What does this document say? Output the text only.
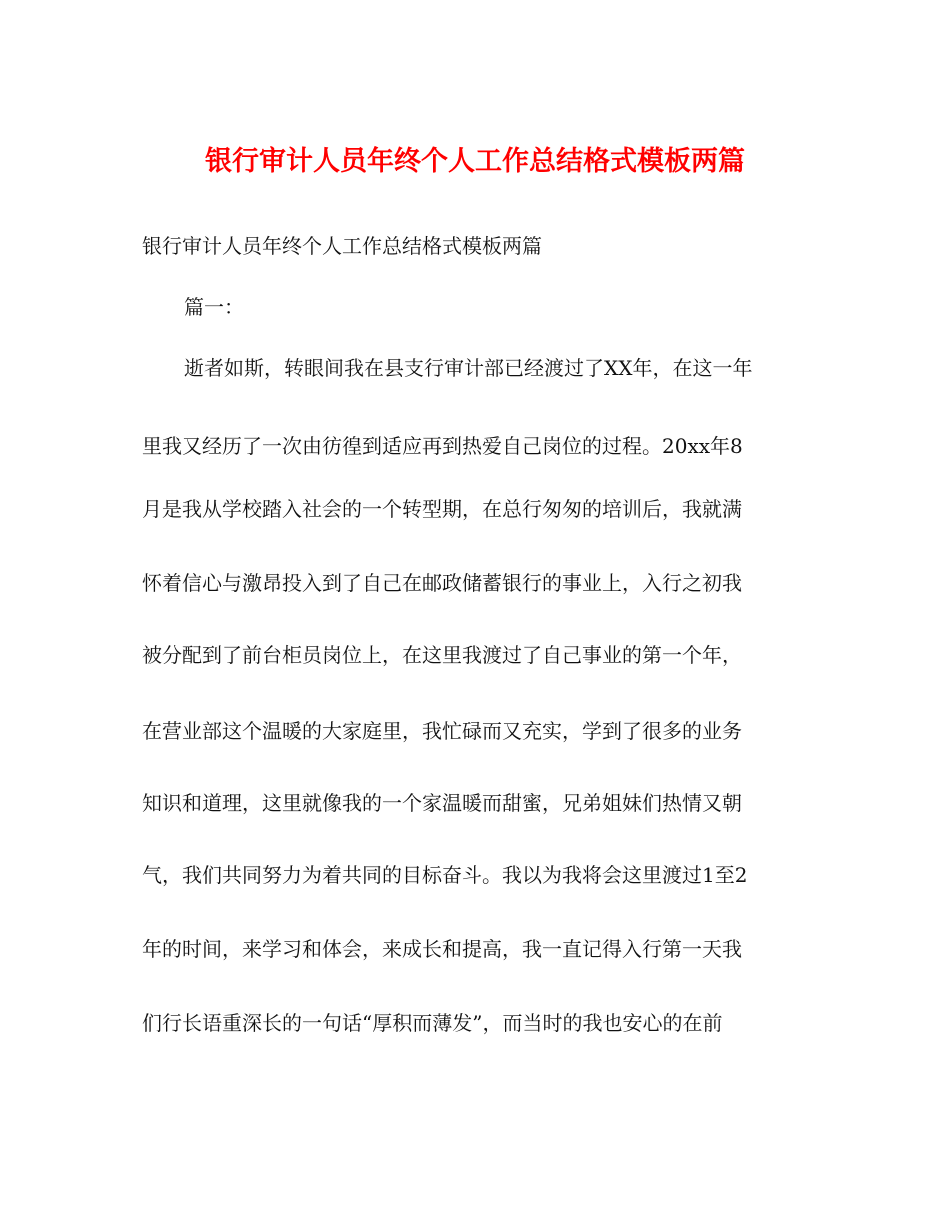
银行审计人员年终个人工作总结格式模板两篇
银行审计人员年终个人工作总结格式模板两篇
篇一：
逝者如斯，转眼间我在县支行审计部已经渡过了XX年，在这一年
里我又经历了一次由彷徨到适应再到热爱自己岗位的过程。20xx年8
月是我从学校踏入社会的一个转型期，在总行匆匆的培训后，我就满
怀着信心与激昂投入到了自己在邮政储蓄银行的事业上，入行之初我
被分配到了前台柜员岗位上，在这里我渡过了自己事业的第一个年，
在营业部这个温暖的大家庭里，我忙碌而又充实，学到了很多的业务
知识和道理，这里就像我的一个家温暖而甜蜜，兄弟姐妹们热情又朝
气，我们共同努力为着共同的目标奋斗。我以为我将会这里渡过1至2
年的时间，来学习和体会，来成长和提高，我一直记得入行第一天我
们行长语重深长的一句话“厚积而薄发”，而当时的我也安心的在前
